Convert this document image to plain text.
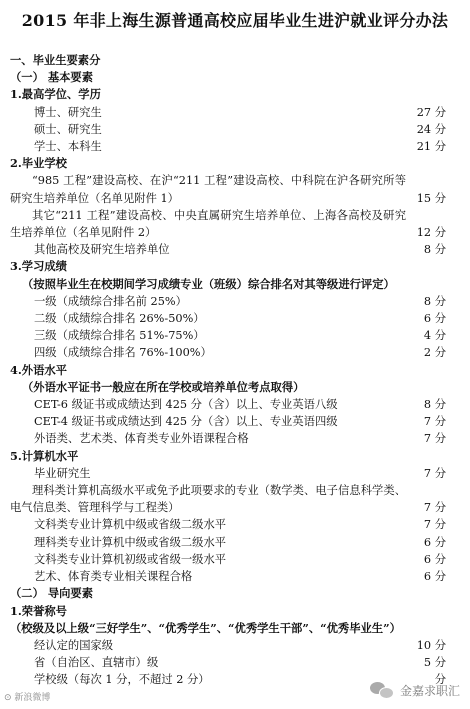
2015 年非上海生源普通高校应届毕业生进沪就业评分办法
一、毕业生要素分
（一） 基本要素
1.最高学位、学历
博士、研究生	27 分
硕士、研究生	24 分
学士、本科生	21 分
2.毕业学校
“985 工程”建设高校、在沪“211 工程”建设高校、中科院在沪各研究所等研究生培养单位（名单见附件 1）	15 分
其它“211 工程”建设高校、中央直属研究生培养单位、上海各高校及研究生培养单位（名单见附件 2）	12 分
其他高校及研究生培养单位	8 分
3.学习成绩
（按照毕业生在校期间学习成绩专业（班级）综合排名对其等级进行评定）
一级（成绩综合排名前 25%）	8 分
二级（成绩综合排名 26%-50%）	6 分
三级（成绩综合排名 51%-75%）	4 分
四级（成绩综合排名 76%-100%）	2 分
4.外语水平
（外语水平证书一般应在所在学校或培养单位考点取得）
CET-6 级证书或成绩达到 425 分（含）以上、专业英语八级	8 分
CET-4 级证书或成绩达到 425 分（含）以上、专业英语四级	7 分
外语类、艺术类、体育类专业外语课程合格	7 分
5.计算机水平
毕业研究生	7 分
理科类计算机高级水平或免予此项要求的专业（数学类、电子信息科学类、电气信息类、管理科学与工程类）	7 分
文科类专业计算机中级或省级二级水平	7 分
理科类专业计算机中级或省级二级水平	6 分
文科类专业计算机初级或省级一级水平	6 分
艺术、体育类专业相关课程合格	6 分
（二） 导向要素
1.荣誉称号
（校级及以上级“三好学生”、“优秀学生”、“优秀学生干部”、“优秀毕业生”）
经认定的国家级	10 分
省（自治区、直辖市）级	5 分
学校级（每次 1 分，不超过 2 分）	分
⊙ 新浪微博
金嘉求职汇
